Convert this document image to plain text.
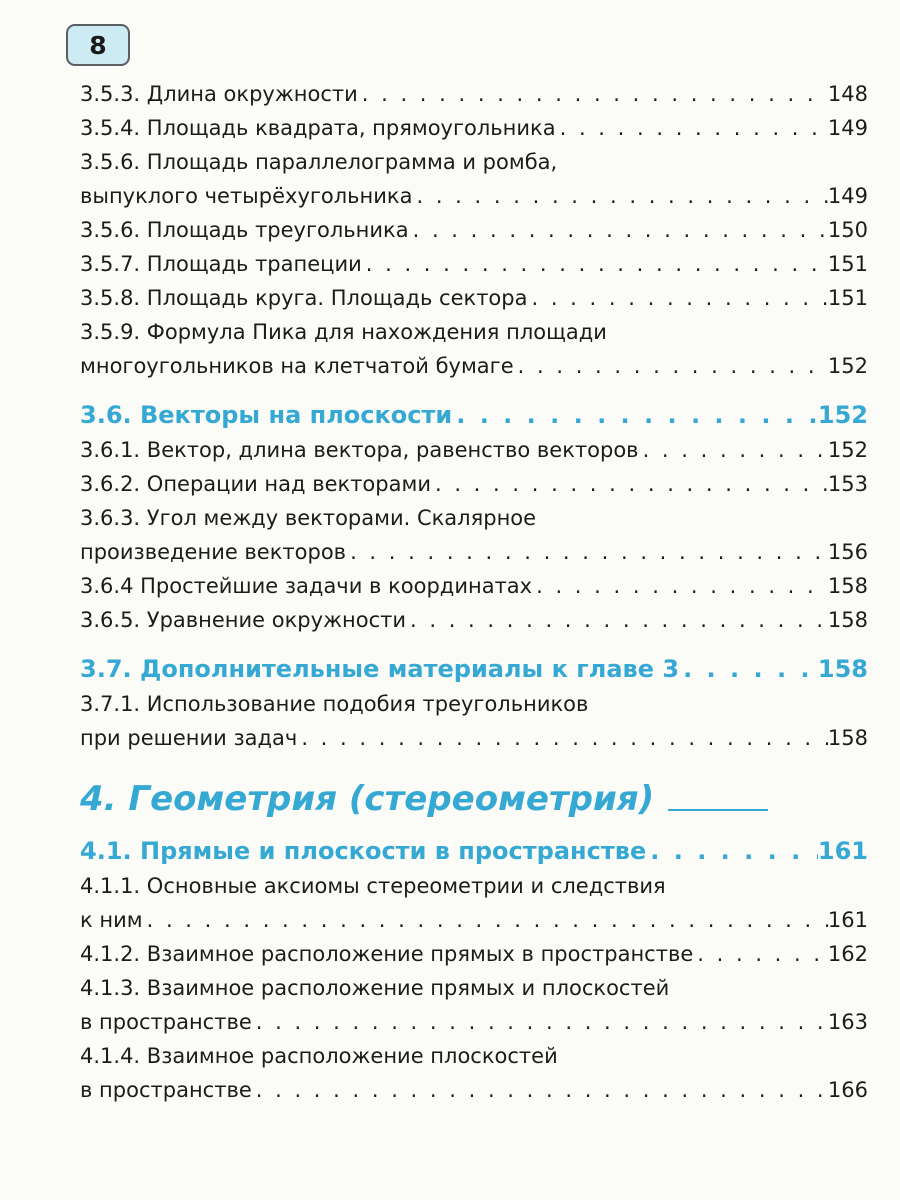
8
3.5.3. Длина окружности . . .	148
3.5.4. Площадь квадрата, прямоугольника . . .	149
3.5.6. Площадь параллелограмма и ромба,
выпуклого четырёхугольника . . .	149
3.5.6. Площадь треугольника . . .	150
3.5.7. Площадь трапеции . . .	151
3.5.8. Площадь круга. Площадь сектора . . .	151
3.5.9. Формула Пика для нахождения площади
многоугольников на клетчатой бумаге . . .	152
3.6. Векторы на плоскости . . .	152
3.6.1. Вектор, длина вектора, равенство векторов . . .	152
3.6.2. Операции над векторами . . .	153
3.6.3. Угол между векторами. Скалярное
произведение векторов . . .	156
3.6.4 Простейшие задачи в координатах . . .	158
3.6.5. Уравнение окружности . . .	158
3.7. Дополнительные материалы к главе 3 . . .	158
3.7.1. Использование подобия треугольников
при решении задач . . .	158
4. Геометрия (стереометрия)
4.1. Прямые и плоскости в пространстве . . .	161
4.1.1. Основные аксиомы стереометрии и следствия
к ним . . .	161
4.1.2. Взаимное расположение прямых в пространстве . . .	162
4.1.3. Взаимное расположение прямых и плоскостей
в пространстве . . .	163
4.1.4. Взаимное расположение плоскостей
в пространстве . . .	166
